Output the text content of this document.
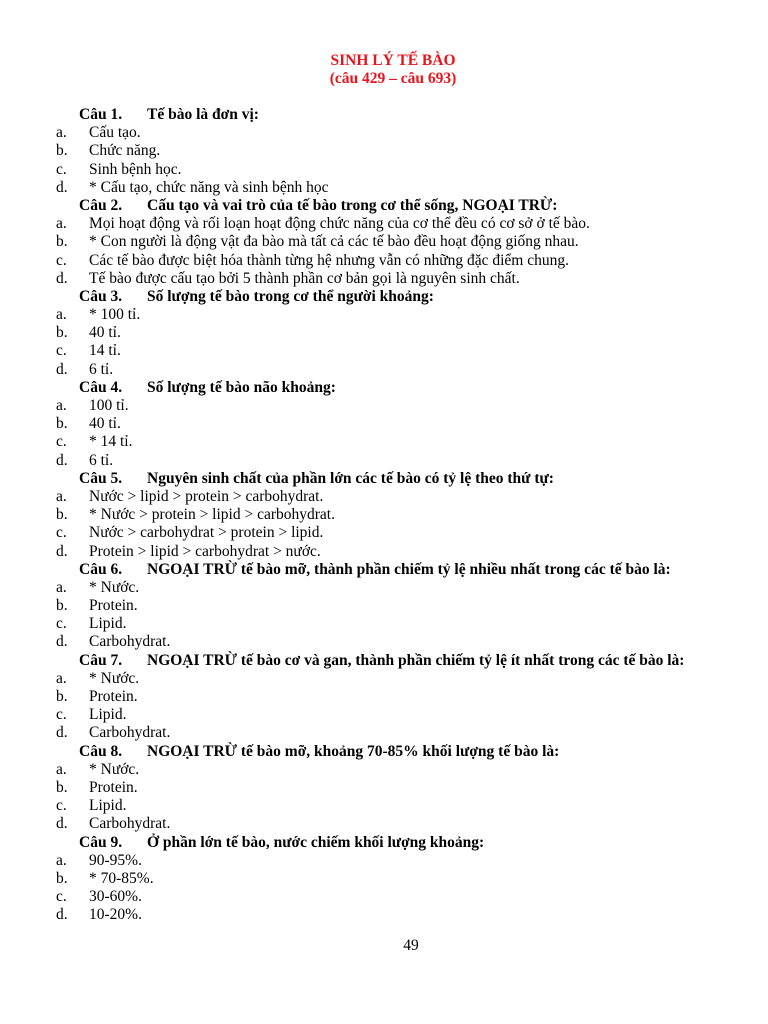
SINH LÝ TẾ BÀO
(câu 429 – câu 693)
Câu 1. Tế bào là đơn vị:
a. Cấu tạo.
b. Chức năng.
c. Sinh bệnh học.
d. * Cấu tạo, chức năng và sinh bệnh học
Câu 2. Cấu tạo và vai trò của tế bào trong cơ thể sống, NGOẠI TRỪ:
a. Mọi hoạt động và rối loạn hoạt động chức năng của cơ thể đều có cơ sở ở tế bào.
b. * Con người là động vật đa bào mà tất cả các tế bào đều hoạt động giống nhau.
c. Các tế bào được biệt hóa thành từng hệ nhưng vẫn có những đặc điểm chung.
d. Tế bào được cấu tạo bởi 5 thành phần cơ bản gọi là nguyên sinh chất.
Câu 3. Số lượng tế bào trong cơ thể người khoảng:
a. * 100 tỉ.
b. 40 tỉ.
c. 14 tỉ.
d. 6 tỉ.
Câu 4. Số lượng tế bào não khoảng:
a. 100 tỉ.
b. 40 tỉ.
c. * 14 tỉ.
d. 6 tỉ.
Câu 5. Nguyên sinh chất của phần lớn các tế bào có tỷ lệ theo thứ tự:
a. Nước > lipid > protein > carbohydrat.
b. * Nước > protein > lipid > carbohydrat.
c. Nước > carbohydrat > protein > lipid.
d. Protein > lipid > carbohydrat > nước.
Câu 6. NGOẠI TRỪ tế bào mỡ, thành phần chiếm tỷ lệ nhiều nhất trong các tế bào là:
a. * Nước.
b. Protein.
c. Lipid.
d. Carbohydrat.
Câu 7. NGOẠI TRỪ tế bào cơ và gan, thành phần chiếm tỷ lệ ít nhất trong các tế bào là:
a. * Nước.
b. Protein.
c. Lipid.
d. Carbohydrat.
Câu 8. NGOẠI TRỪ tế bào mỡ, khoảng 70-85% khối lượng tế bào là:
a. * Nước.
b. Protein.
c. Lipid.
d. Carbohydrat.
Câu 9. Ở phần lớn tế bào, nước chiếm khối lượng khoảng:
a. 90-95%.
b. * 70-85%.
c. 30-60%.
d. 10-20%.
49
